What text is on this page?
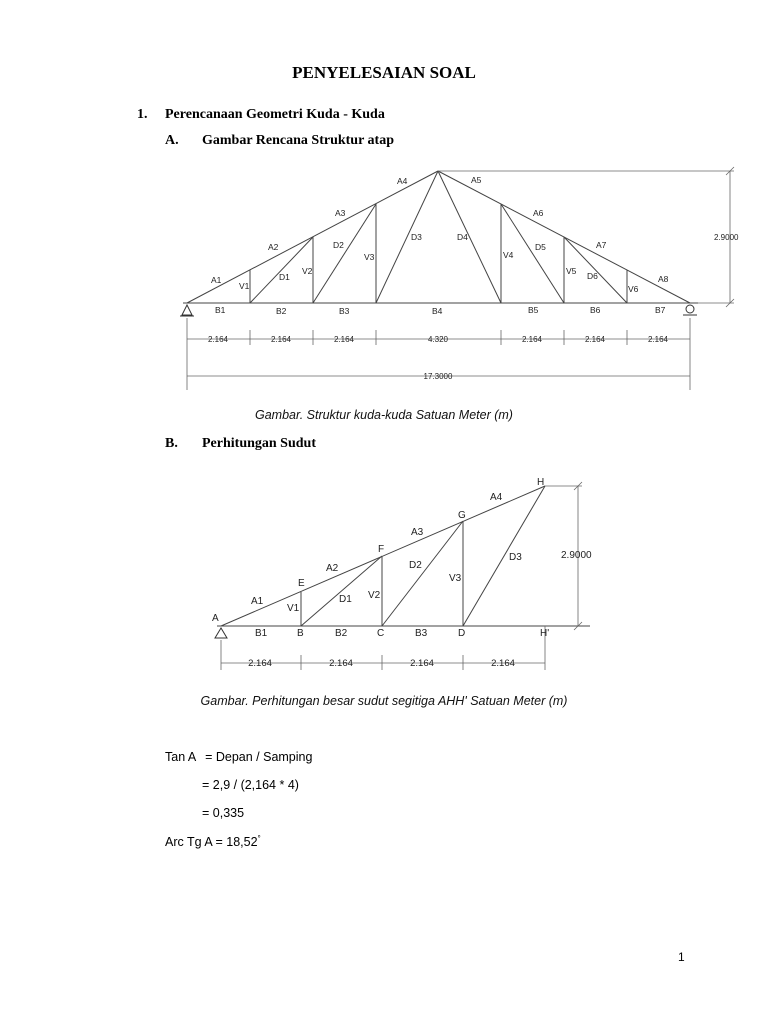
PENYELESAIAN SOAL
1. Perencanaan Geometri Kuda - Kuda
A. Gambar Rencana Struktur atap
2.9000
2.164	2.164	2.164	4.320	2.164	2.164	2.164
17.3000
A1
A2
A3
A4	A5
A6
A7
A8
B1	B2	B3	B4	B5	B6	B7
V1
V2
V3	V4
V5
V6
D1
D2
D3	D4
D5
D6
Gambar. Struktur kuda-kuda Satuan Meter (m)
B. Perhitungan Sudut
2.9000
2.164	2.164	2.164	2.164
A
B	C	D
E
F
G
H
H'
A1
A2
A3
A4
B1	B2	B3
V1
V2
V3
D1
D2
D3
Gambar. Perhitungan besar sudut segitiga AHH' Satuan Meter (m)
Tan A = Depan / Samping
= 2,9 / (2,164 * 4)
= 0,335
Arc Tg A = 18,52°
1
